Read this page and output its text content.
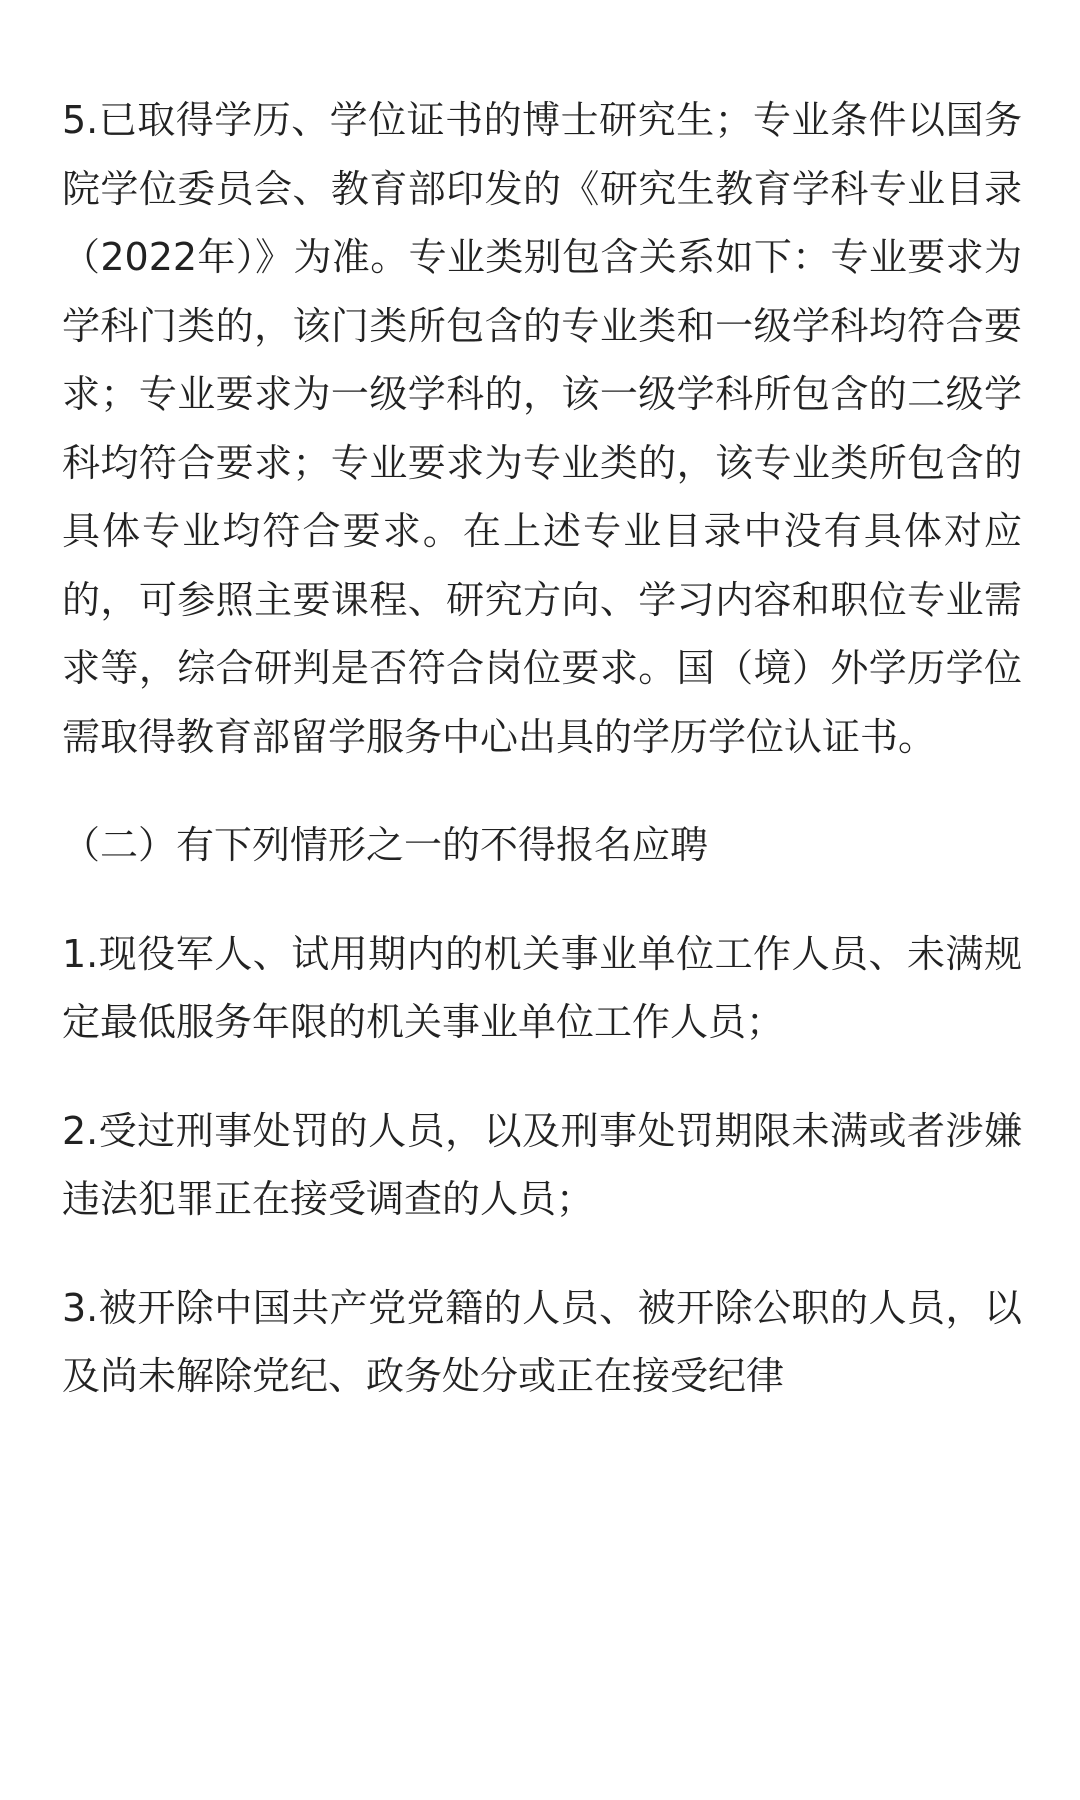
5.已取得学历、学位证书的博士研究生；专业条件以国务院学位委员会、教育部印发的《研究生教育学科专业目录（2022年）》为准。专业类别包含关系如下：专业要求为学科门类的，该门类所包含的专业类和一级学科均符合要求；专业要求为一级学科的，该一级学科所包含的二级学科均符合要求；专业要求为专业类的，该专业类所包含的具体专业均符合要求。在上述专业目录中没有具体对应的，可参照主要课程、研究方向、学习内容和职位专业需求等，综合研判是否符合岗位要求。国（境）外学历学位需取得教育部留学服务中心出具的学历学位认证书。

（二）有下列情形之一的不得报名应聘

1.现役军人、试用期内的机关事业单位工作人员、未满规定最低服务年限的机关事业单位工作人员；

2.受过刑事处罚的人员，以及刑事处罚期限未满或者涉嫌违法犯罪正在接受调查的人员；

3.被开除中国共产党党籍的人员、被开除公职的人员，以及尚未解除党纪、政务处分或正在接受纪律
